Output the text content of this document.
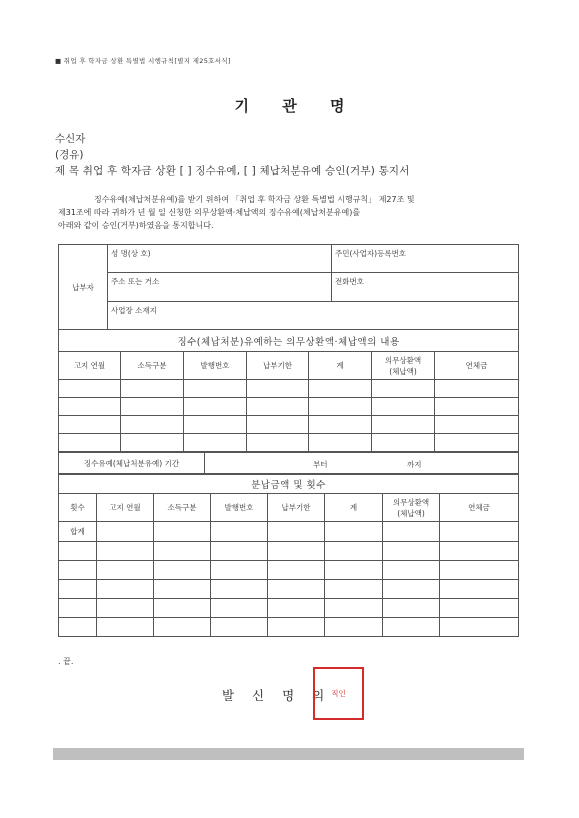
■ 취업 후 학자금 상환 특별법 시행규칙[별지 제25호서식]
기 관 명
수신자
(경유)
제 목 취업 후 학자금 상환 [ ] 징수유예, [ ] 체납처분유예 승인(거부) 통지서
징수유예(체납처분유예)를 받기 위하여 「취업 후 학자금 상환 특별법 시행규칙」 제27조 및
제31조에 따라 귀하가 년 월 일 신청한 의무상환액·체납액의 징수유예(체납처분유예)를
아래와 같이 승인(거부)하였음을 통지합니다.
납부자	성 명(상 호)	주민(사업자)등록번호
	주소 또는 거소	전화번호
	사업장 소재지	
징수(체납처분)유예하는 의무상환액·체납액의 내용						
고지 연월	소득구분	발행번호	납부기한	계	의무상환액
(체납액)	연체금

징수유예(체납처분유예) 기간	부터	까지
분납금액 및 횟수							
횟수	고지 연월	소득구분	발행번호	납부기한	계	의무상환액
(체납액)	연체금
합계							

. 끝.
발 신 명 의 직인
